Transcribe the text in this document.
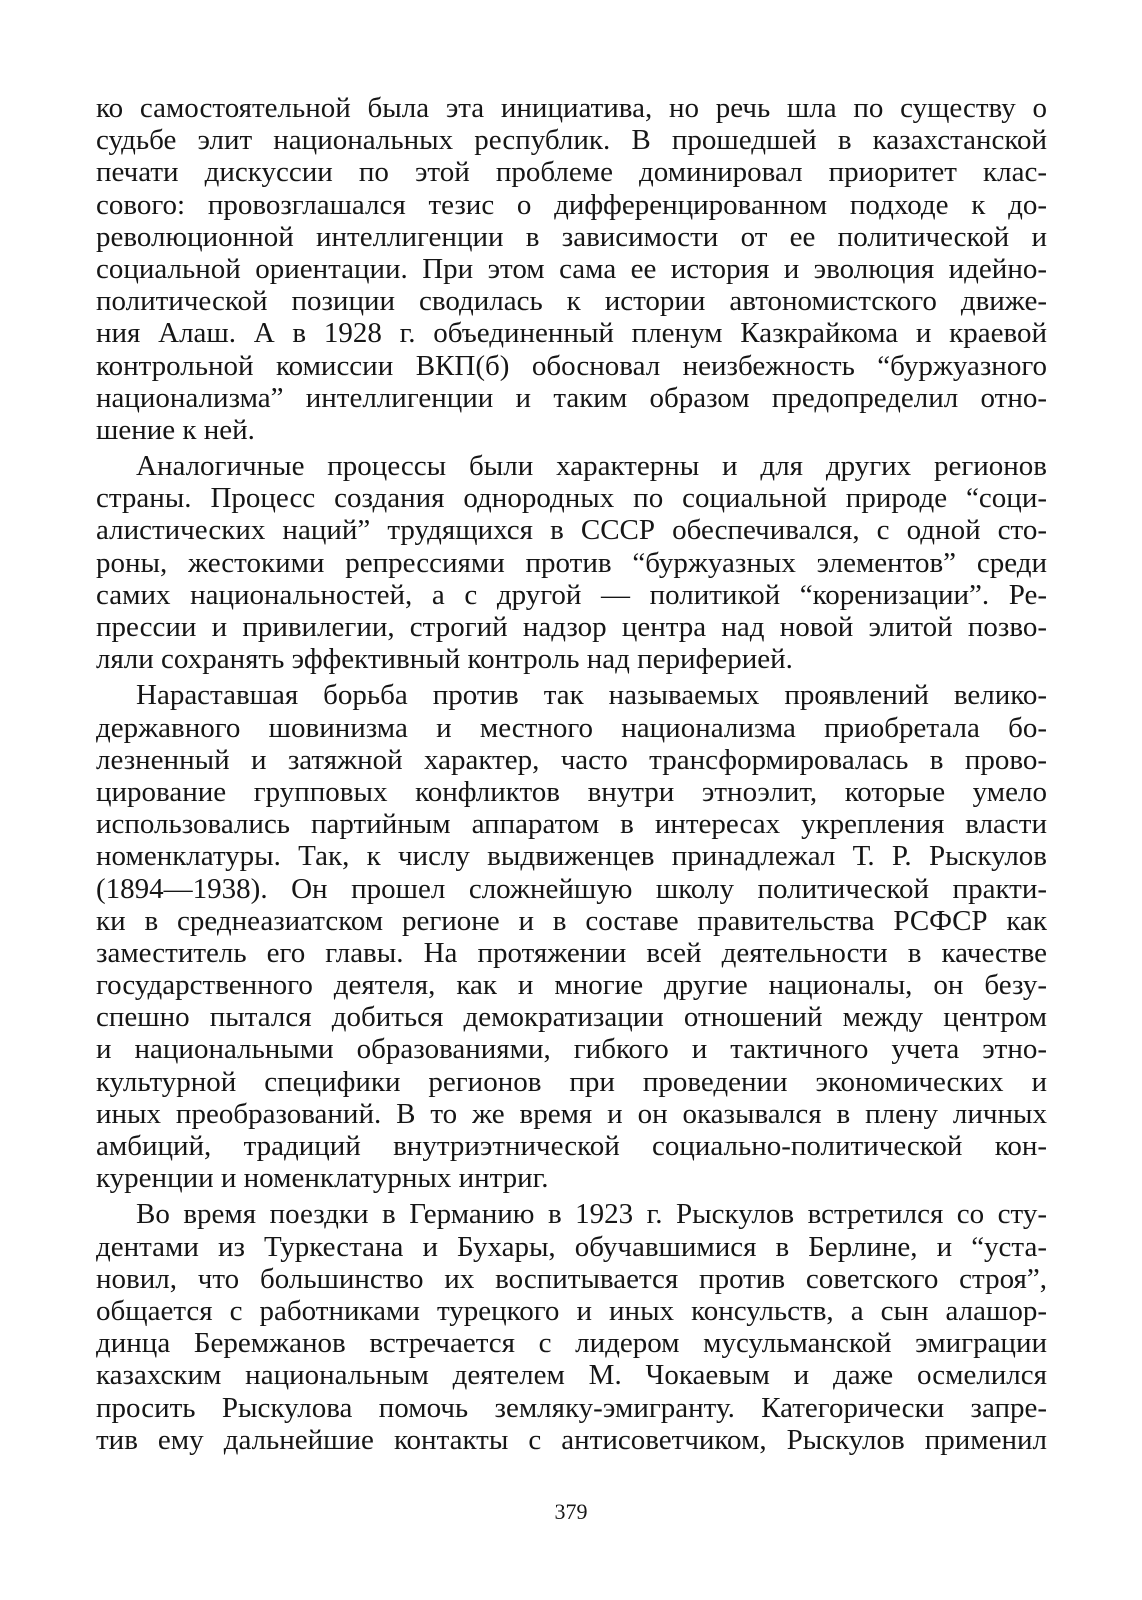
ко самостоятельной была эта инициатива, но речь шла по существу о
судьбе элит национальных республик. В прошедшей в казахстанской
печати дискуссии по этой проблеме доминировал приоритет клас-
сового: провозглашался тезис о дифференцированном подходе к до-
революционной интеллигенции в зависимости от ее политической и
социальной ориентации. При этом сама ее история и эволюция идейно-
политической позиции сводилась к истории автономистского движе-
ния Алаш. А в 1928 г. объединенный пленум Казкрайкома и краевой
контрольной комиссии ВКП(б) обосновал неизбежность “буржуазного
национализма” интеллигенции и таким образом предопределил отно-
шение к ней.
Аналогичные процессы были характерны и для других регионов
страны. Процесс создания однородных по социальной природе “соци-
алистических наций” трудящихся в СССР обеспечивался, с одной сто-
роны, жестокими репрессиями против “буржуазных элементов” среди
самих национальностей, а с другой — политикой “коренизации”. Ре-
прессии и привилегии, строгий надзор центра над новой элитой позво-
ляли сохранять эффективный контроль над периферией.
Нараставшая борьба против так называемых проявлений велико-
державного шовинизма и местного национализма приобретала бо-
лезненный и затяжной характер, часто трансформировалась в прово-
цирование групповых конфликтов внутри этноэлит, которые умело
использовались партийным аппаратом в интересах укрепления власти
номенклатуры. Так, к числу выдвиженцев принадлежал Т. Р. Рыскулов
(1894—1938). Он прошел сложнейшую школу политической практи-
ки в среднеазиатском регионе и в составе правительства РСФСР как
заместитель его главы. На протяжении всей деятельности в качестве
государственного деятеля, как и многие другие националы, он безу-
спешно пытался добиться демократизации отношений между центром
и национальными образованиями, гибкого и тактичного учета этно-
культурной специфики регионов при проведении экономических и
иных преобразований. В то же время и он оказывался в плену личных
амбиций, традиций внутриэтнической социально-политической кон-
куренции и номенклатурных интриг.
Во время поездки в Германию в 1923 г. Рыскулов встретился со сту-
дентами из Туркестана и Бухары, обучавшимися в Берлине, и “уста-
новил, что большинство их воспитывается против советского строя”,
общается с работниками турецкого и иных консульств, а сын алашор-
динца Беремжанов встречается с лидером мусульманской эмиграции
казахским национальным деятелем М. Чокаевым и даже осмелился
просить Рыскулова помочь земляку-эмигранту. Категорически запре-
тив ему дальнейшие контакты с антисоветчиком, Рыскулов применил
379
